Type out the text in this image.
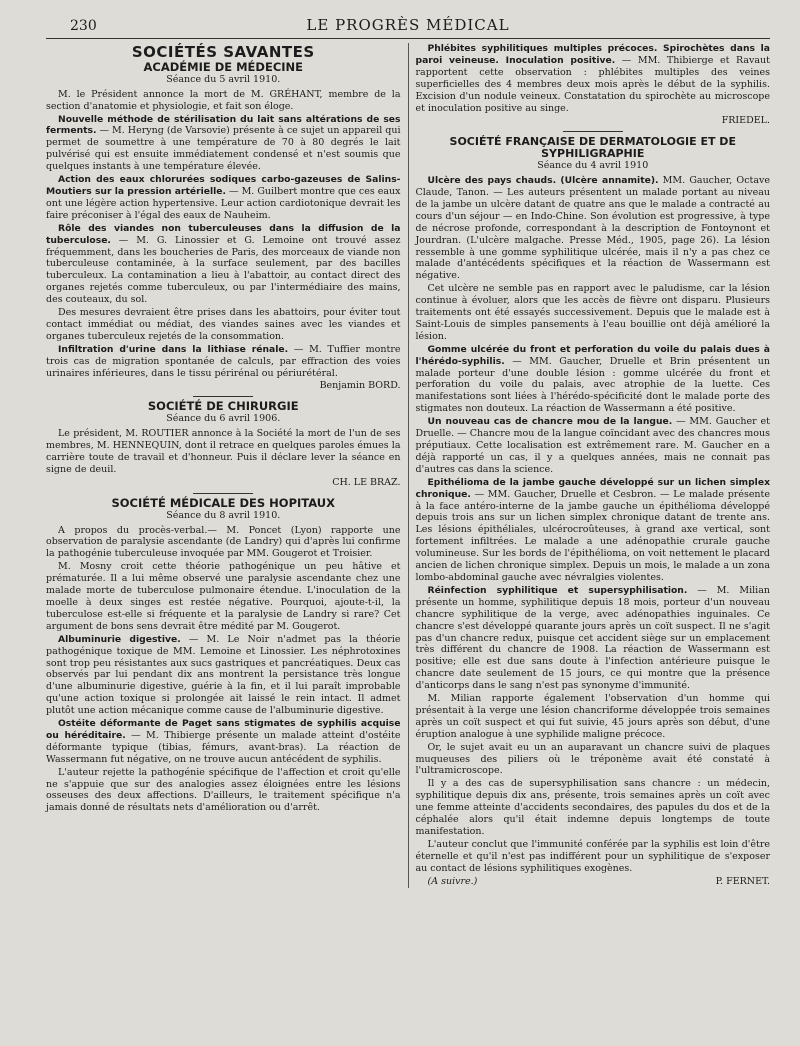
230	LE PROGRÈS MÉDICAL
SOCIÉTÉS SAVANTES
ACADÉMIE DE MÉDECINE
Séance du 5 avril 1910.

M. le Président annonce la mort de M. GRÉHANT, membre de la section d'anatomie et physiologie, et fait son éloge.

Nouvelle méthode de stérilisation du lait sans altérations de ses ferments. — M. Heryng (de Varsovie) présente à ce sujet un appareil qui permet de soumettre à une température de 70 à 80 degrés le lait pulvérisé qui est ensuite immédiatement condensé et n'est soumis que quelques instants à une température élevée.

Action des eaux chlorurées sodiques carbo-gazeuses de Salins-Moutiers sur la pression artérielle. — M. Guilbert montre que ces eaux ont une légère action hypertensive. Leur action cardiotonique devrait les faire préconiser à l'égal des eaux de Nauheim.

Rôle des viandes non tuberculeuses dans la diffusion de la tuberculose. — M. G. Linossier et G. Lemoine ont trouvé assez fréquemment, dans les boucheries de Paris, des morceaux de viande non tuberculeuse contaminée, à la surface seulement, par des bacilles tuberculeux. La contamination a lieu à l'abattoir, au contact direct des organes rejetés comme tuberculeux, ou par l'intermédiaire des mains, des couteaux, du sol.

Des mesures devraient être prises dans les abattoirs, pour éviter tout contact immédiat ou médiat, des viandes saines avec les viandes et organes tuberculeux rejetés de la consommation.

Infiltration d'urine dans la lithiase rénale. — M. Tuffier montre trois cas de migration spontanée de calculs, par effraction des voies urinaires inférieures, dans le tissu périrénal ou périurétéral.

Benjamin BORD.
SOCIÉTÉ DE CHIRURGIE
Séance du 6 avril 1906.

Le président, M. ROUTIER annonce à la Société la mort de l'un de ses membres, M. HENNEQUIN, dont il retrace en quelques paroles émues la carrière toute de travail et d'honneur. Puis il déclare lever la séance en signe de deuil.

CH. LE BRAZ.
SOCIÉTÉ MÉDICALE DES HOPITAUX
Séance du 8 avril 1910.

A propos du procès-verbal.— M. Poncet (Lyon) rapporte une observation de paralysie ascendante (de Landry) qui d'après lui confirme la pathogénie tuberculeuse invoquée par MM. Gougerot et Troisier.

M. Mosny croit cette théorie pathogénique un peu hâtive et prématurée. Il a lui même observé une paralysie ascendante chez une malade morte de tuberculose pulmonaire étendue. L'inoculation de la moelle à deux singes est restée négative. Pourquoi, ajoute-t-il, la tuberculose est-elle si fréquente et la paralysie de Landry si rare? Cet argument de bons sens devrait être médité par M. Gougerot.

Albuminurie digestive. — M. Le Noir n'admet pas la théorie pathogénique toxique de MM. Lemoine et Linossier. Les néphrotoxines sont trop peu résistantes aux sucs gastriques et pancréatiques. Deux cas observés par lui pendant dix ans montrent la persistance très longue d'une albuminurie digestive, guérie à la fin, et il lui paraît improbable qu'une action toxique si prolongée ait laissé le rein intact. Il admet plutôt une action mécanique comme cause de l'albuminurie digestive.

Ostéite déformante de Paget sans stigmates de syphilis acquise ou héréditaire. — M. Thibierge présente un malade atteint d'ostéite déformante typique (tibias, fémurs, avant-bras). La réaction de Wassermann fut négative, on ne trouve aucun antécédent de syphilis.

L'auteur rejette la pathogénie spécifique de l'affection et croit qu'elle ne s'appuie que sur des analogies assez éloignées entre les lésions osseuses des deux affections. D'ailleurs, le traitement spécifique n'a jamais donné de résultats nets d'amélioration ou d'arrêt.

Phlébites syphilitiques multiples précoces. Spirochètes dans la paroi veineuse. Inoculation positive. — MM. Thibierge et Ravaut rapportent cette observation : phlébites multiples des veines superficielles des 4 membres deux mois après le début de la syphilis. Excision d'un nodule veineux. Constatation du spirochète au microscope et inoculation positive au singe.

FRIEDEL.
SOCIÉTÉ FRANÇAISE DE DERMATOLOGIE ET DE SYPHILIGRAPHIE
Séance du 4 avril 1910

Ulcère des pays chauds. (Ulcère annamite). MM. Gaucher, Octave Claude, Tanon. — Les auteurs présentent un malade portant au niveau de la jambe un ulcère datant de quatre ans que le malade a contracté au cours d'un séjour — en Indo-Chine. Son évolution est progressive, à type de nécrose profonde, correspondant à la description de Fontoynont et Jourdran. (L'ulcère malgache. Presse Méd., 1905, page 26). La lésion ressemble à une gomme syphilitique ulcérée, mais il n'y a pas chez ce malade d'antécédents spécifiques et la réaction de Wassermann est négative.

Cet ulcère ne semble pas en rapport avec le paludisme, car la lésion continue à évoluer, alors que les accès de fièvre ont disparu. Plusieurs traitements ont été essayés successivement. Depuis que le malade est à Saint-Louis de simples pansements à l'eau bouillie ont déjà amélioré la lésion.

Gomme ulcérée du front et perforation du voile du palais dues à l'hérédo-syphilis. — MM. Gaucher, Druelle et Brin présentent un malade porteur d'une double lésion : gomme ulcérée du front et perforation du voile du palais, avec atrophie de la luette. Ces manifestations sont liées à l'hérédo-spécificité dont le malade porte des stigmates non douteux. La réaction de Wassermann a été positive.

Un nouveau cas de chancre mou de la langue. — MM. Gaucher et Druelle. — Chancre mou de la langue coïncidant avec des chancres mous préputiaux. Cette localisation est extrêmement rare. M. Gaucher en a déjà rapporté un cas, il y a quelques années, mais ne connait pas d'autres cas dans la science.

Epithélioma de la jambe gauche développé sur un lichen simplex chronique. — MM. Gaucher, Druelle et Cesbron. — Le malade présente à la face antéro-interne de la jambe gauche un épithélioma développé depuis trois ans sur un lichen simplex chronique datant de trente ans. Les lésions épithéliales, ulcérocroûteuses, à grand axe vertical, sont fortement infiltrées. Le malade a une adénopathie crurale gauche volumineuse. Sur les bords de l'épithélioma, on voit nettement le placard ancien de lichen chronique simplex. Depuis un mois, le malade a un zona lombo-abdominal gauche avec névralgies violentes.

Réinfection syphilitique et supersyphilisation. — M. Milian présente un homme, syphilitique depuis 18 mois, porteur d'un nouveau chancre syphilitique de la verge, avec adénopathies inguinales. Ce chancre s'est développé quarante jours après un coït suspect. Il ne s'agit pas d'un chancre redux, puisque cet accident siège sur un emplacement très différent du chancre de 1908. La réaction de Wassermann est positive; elle est due sans doute à l'infection antérieure puisque le chancre date seulement de 15 jours, ce qui montre que la présence d'anticorps dans le sang n'est pas synonyme d'immunité.

M. Milian rapporte également l'observation d'un homme qui présentait à la verge une lésion chancriforme développée trois semaines après un coït suspect et qui fut suivie, 45 jours après son début, d'une éruption analogue à une syphilide maligne précoce.

Or, le sujet avait eu un an auparavant un chancre suivi de plaques muqueuses des piliers où le tréponème avait été constaté à l'ultramicroscope.

Il y a des cas de supersyphilisation sans chancre : un médecin, syphilitique depuis dix ans, présente, trois semaines après un coït avec une femme atteinte d'accidents secondaires, des papules du dos et de la céphalée alors qu'il était indemne depuis longtemps de toute manifestation.

L'auteur conclut que l'immunité conférée par la syphilis est loin d'être éternelle et qu'il n'est pas indifférent pour un syphilitique de s'exposer au contact de lésions syphilitiques exogènes.

(A suivre.)	P. FERNET.
